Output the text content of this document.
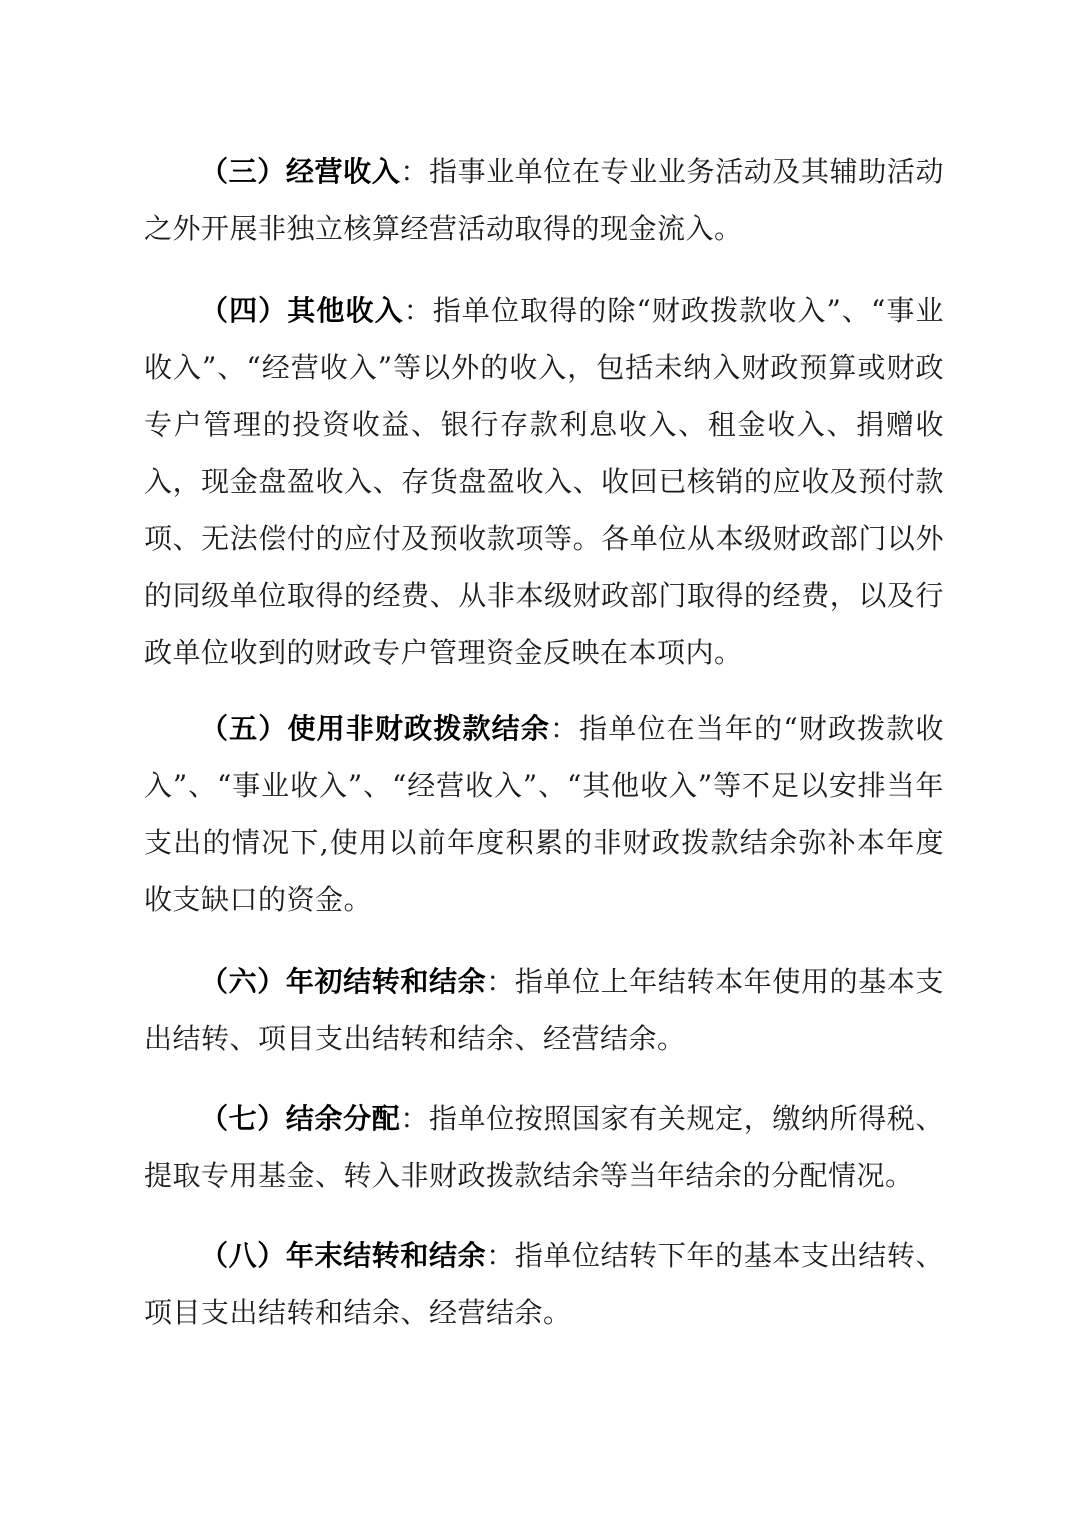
（三）经营收入：指事业单位在专业业务活动及其辅助活动之外开展非独立核算经营活动取得的现金流入。

（四）其他收入：指单位取得的除“财政拨款收入”、“事业收入”、“经营收入”等以外的收入，包括未纳入财政预算或财政专户管理的投资收益、银行存款利息收入、租金收入、捐赠收入，现金盘盈收入、存货盘盈收入、收回已核销的应收及预付款项、无法偿付的应付及预收款项等。各单位从本级财政部门以外的同级单位取得的经费、从非本级财政部门取得的经费，以及行政单位收到的财政专户管理资金反映在本项内。

（五）使用非财政拨款结余：指单位在当年的“财政拨款收入”、“事业收入”、“经营收入”、“其他收入”等不足以安排当年支出的情况下,使用以前年度积累的非财政拨款结余弥补本年度收支缺口的资金。

（六）年初结转和结余：指单位上年结转本年使用的基本支出结转、项目支出结转和结余、经营结余。

（七）结余分配：指单位按照国家有关规定，缴纳所得税、提取专用基金、转入非财政拨款结余等当年结余的分配情况。

（八）年末结转和结余：指单位结转下年的基本支出结转、项目支出结转和结余、经营结余。
